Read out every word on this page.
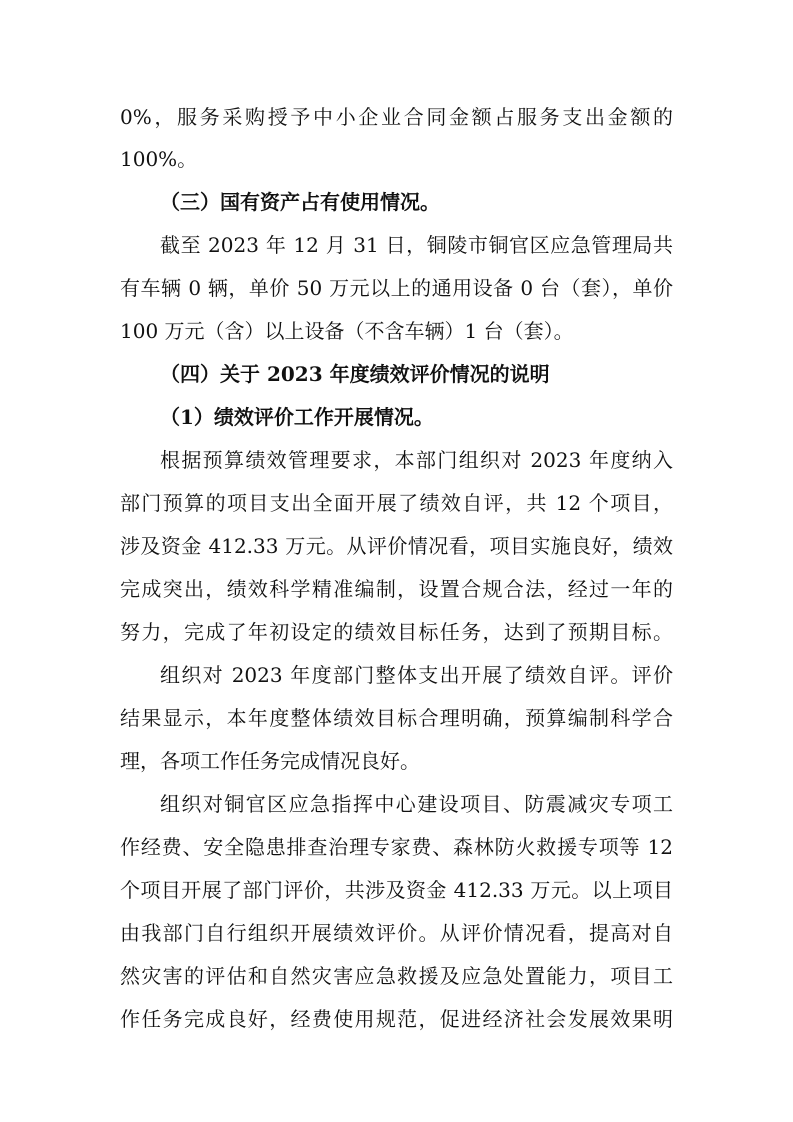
0%，服务采购授予中小企业合同金额占服务支出金额的
100%。
（三）国有资产占有使用情况。
截至 2023 年 12 月 31 日，铜陵市铜官区应急管理局共
有车辆 0 辆，单价 50 万元以上的通用设备 0 台（套），单价
100 万元（含）以上设备（不含车辆）1 台（套）。
（四）关于 2023 年度绩效评价情况的说明
（1）绩效评价工作开展情况。
根据预算绩效管理要求，本部门组织对 2023 年度纳入
部门预算的项目支出全面开展了绩效自评，共 12 个项目，
涉及资金 412.33 万元。从评价情况看，项目实施良好，绩效
完成突出，绩效科学精准编制，设置合规合法，经过一年的
努力，完成了年初设定的绩效目标任务，达到了预期目标。
组织对 2023 年度部门整体支出开展了绩效自评。评价
结果显示，本年度整体绩效目标合理明确，预算编制科学合
理，各项工作任务完成情况良好。
组织对铜官区应急指挥中心建设项目、防震减灾专项工
作经费、安全隐患排查治理专家费、森林防火救援专项等 12
个项目开展了部门评价，共涉及资金 412.33 万元。以上项目
由我部门自行组织开展绩效评价。从评价情况看，提高对自
然灾害的评估和自然灾害应急救援及应急处置能力，项目工
作任务完成良好，经费使用规范，促进经济社会发展效果明
